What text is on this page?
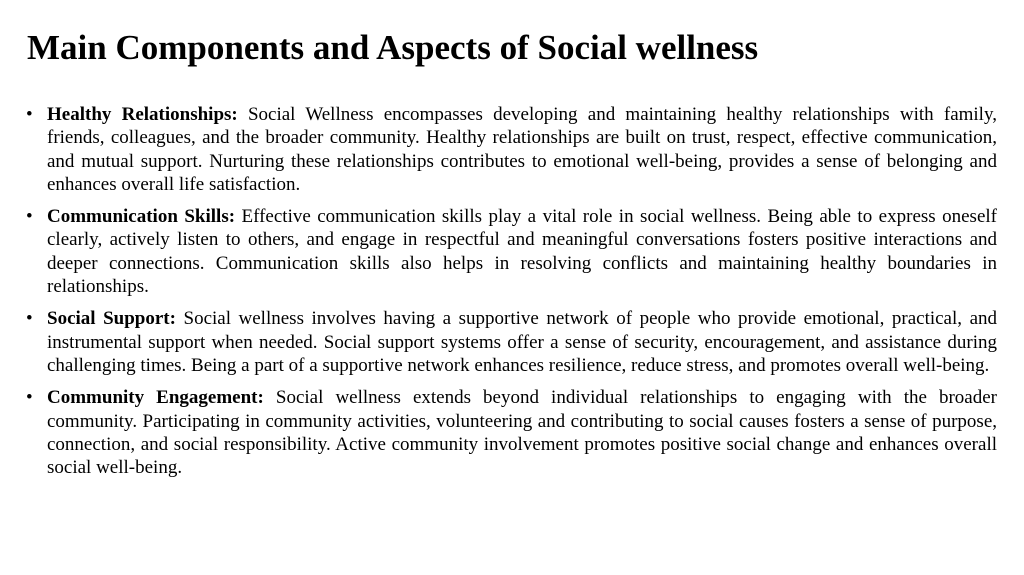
Main Components and Aspects of Social wellness
• Healthy Relationships: Social Wellness encompasses developing and maintaining healthy relationships with family, friends, colleagues, and the broader community. Healthy relationships are built on trust, respect, effective communication, and mutual support. Nurturing these relationships contributes to emotional well-being, provides a sense of belonging and enhances overall life satisfaction.
• Communication Skills: Effective communication skills play a vital role in social wellness. Being able to express oneself clearly, actively listen to others, and engage in respectful and meaningful conversations fosters positive interactions and deeper connections. Communication skills also helps in resolving conflicts and maintaining healthy boundaries in relationships.
• Social Support: Social wellness involves having a supportive network of people who provide emotional, practical, and instrumental support when needed. Social support systems offer a sense of security, encouragement, and assistance during challenging times. Being a part of a supportive network enhances resilience, reduce stress, and promotes overall well-being.
• Community Engagement: Social wellness extends beyond individual relationships to engaging with the broader community. Participating in community activities, volunteering and contributing to social causes fosters a sense of purpose, connection, and social responsibility. Active community involvement promotes positive social change and enhances overall social well-being.
